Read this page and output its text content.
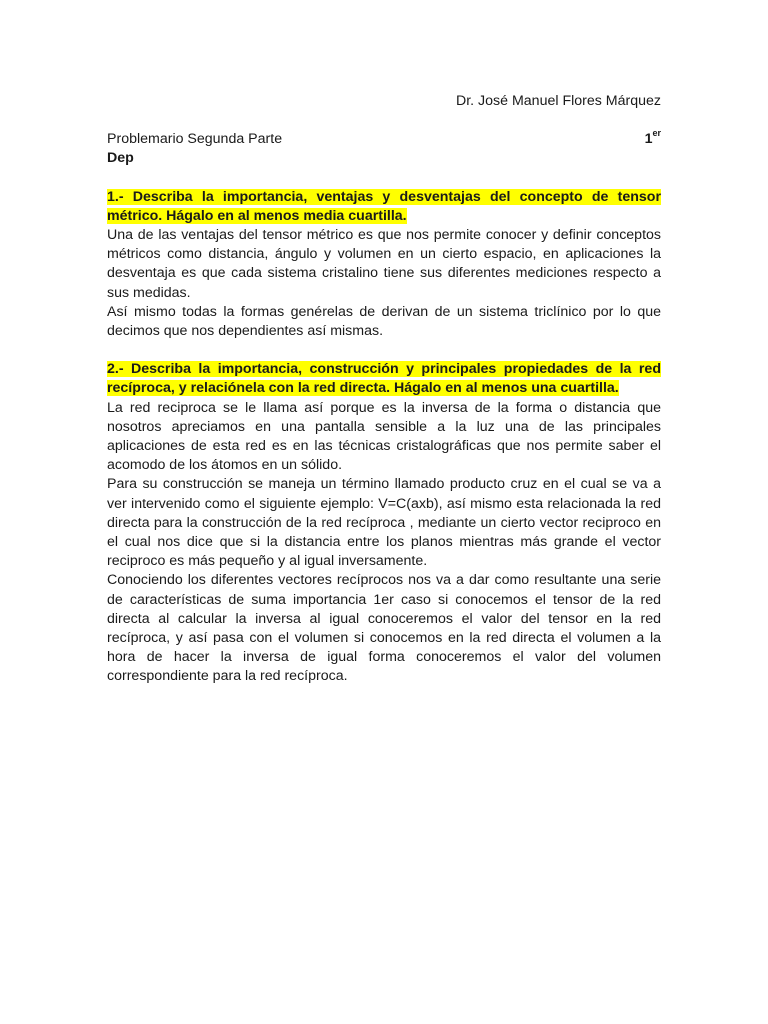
Dr. José Manuel Flores Márquez

Problemario Segunda Parte	1er
Dep

1.- Describa la importancia, ventajas y desventajas del concepto de tensor métrico. Hágalo en al menos media cuartilla.

Una de las ventajas del tensor métrico es que nos permite conocer y definir conceptos métricos como distancia, ángulo y volumen en un cierto espacio, en aplicaciones la desventaja es que cada sistema cristalino tiene sus diferentes mediciones respecto a sus medidas.

Así mismo todas la formas genérelas de derivan de un sistema triclínico por lo que decimos que nos dependientes así mismas.

2.- Describa la importancia, construcción y principales propiedades de la red recíproca, y relaciónela con la red directa. Hágalo en al menos una cuartilla.

La red reciproca se le llama así porque es la inversa de la forma o distancia que nosotros apreciamos en una pantalla sensible a la luz una de las principales aplicaciones de esta red es en las técnicas cristalográficas que nos permite saber el acomodo de los átomos en un sólido.

Para su construcción se maneja un término llamado producto cruz en el cual se va a ver intervenido como el siguiente ejemplo: V=C(axb), así mismo esta relacionada la red directa para la construcción de la red recíproca , mediante un cierto vector reciproco en el cual nos dice que si la distancia entre los planos mientras más grande el vector reciproco es más pequeño y al igual inversamente.

Conociendo los diferentes vectores recíprocos nos va a dar como resultante una serie de características de suma importancia 1er caso si conocemos el tensor de la red directa al calcular la inversa al igual conoceremos el valor del tensor en la red recíproca, y así pasa con el volumen si conocemos en la red directa el volumen a la hora de hacer la inversa de igual forma conoceremos el valor del volumen correspondiente para la red recíproca.
